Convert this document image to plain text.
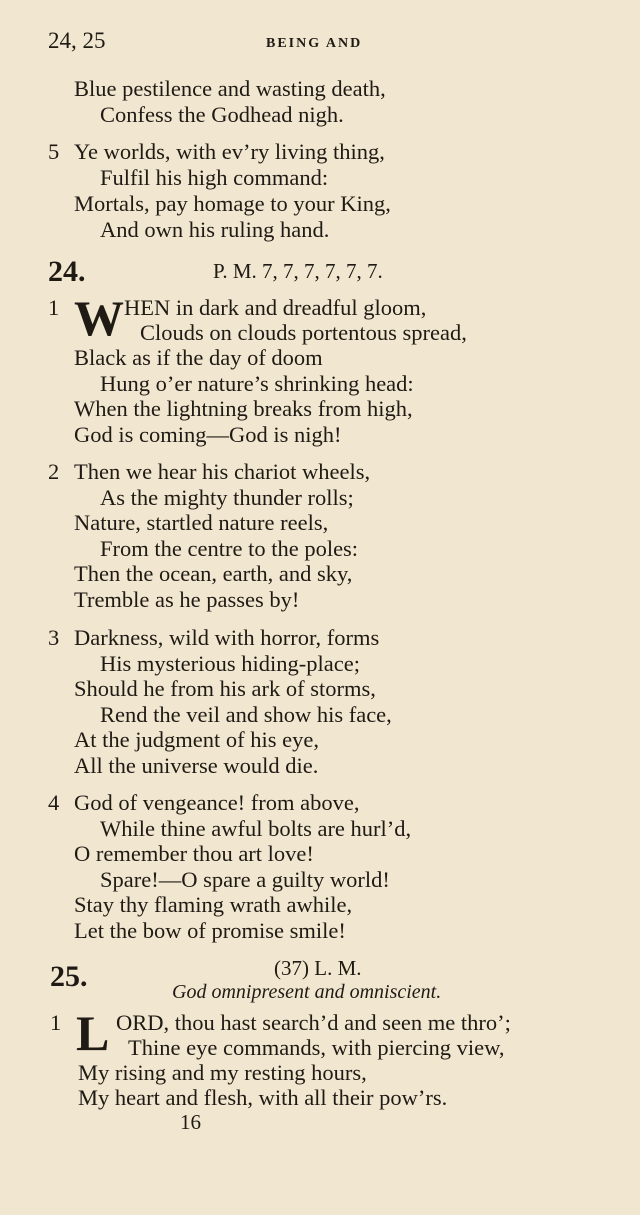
24, 25	BEING AND
Blue pestilence and wasting death,
Confess the Godhead nigh.
5 Ye worlds, with ev’ry living thing,
Fulfil his high command:
Mortals, pay homage to your King,
And own his ruling hand.
24.	P. M. 7, 7, 7, 7, 7, 7.
1 W HEN in dark and dreadful gloom,
Clouds on clouds portentous spread,
Black as if the day of doom
Hung o’er nature’s shrinking head:
When the lightning breaks from high,
God is coming—God is nigh!
2 Then we hear his chariot wheels,
As the mighty thunder rolls;
Nature, startled nature reels,
From the centre to the poles:
Then the ocean, earth, and sky,
Tremble as he passes by!
3 Darkness, wild with horror, forms
His mysterious hiding-place;
Should he from his ark of storms,
Rend the veil and show his face,
At the judgment of his eye,
All the universe would die.
4 God of vengeance! from above,
While thine awful bolts are hurl’d,
O remember thou art love!
Spare!—O spare a guilty world!
Stay thy flaming wrath awhile,
Let the bow of promise smile!
25.	(37) L. M.
God omnipresent and omniscient.
1 L ORD, thou hast search’d and seen me thro’;
Thine eye commands, with piercing view,
My rising and my resting hours,
My heart and flesh, with all their pow’rs.
16
